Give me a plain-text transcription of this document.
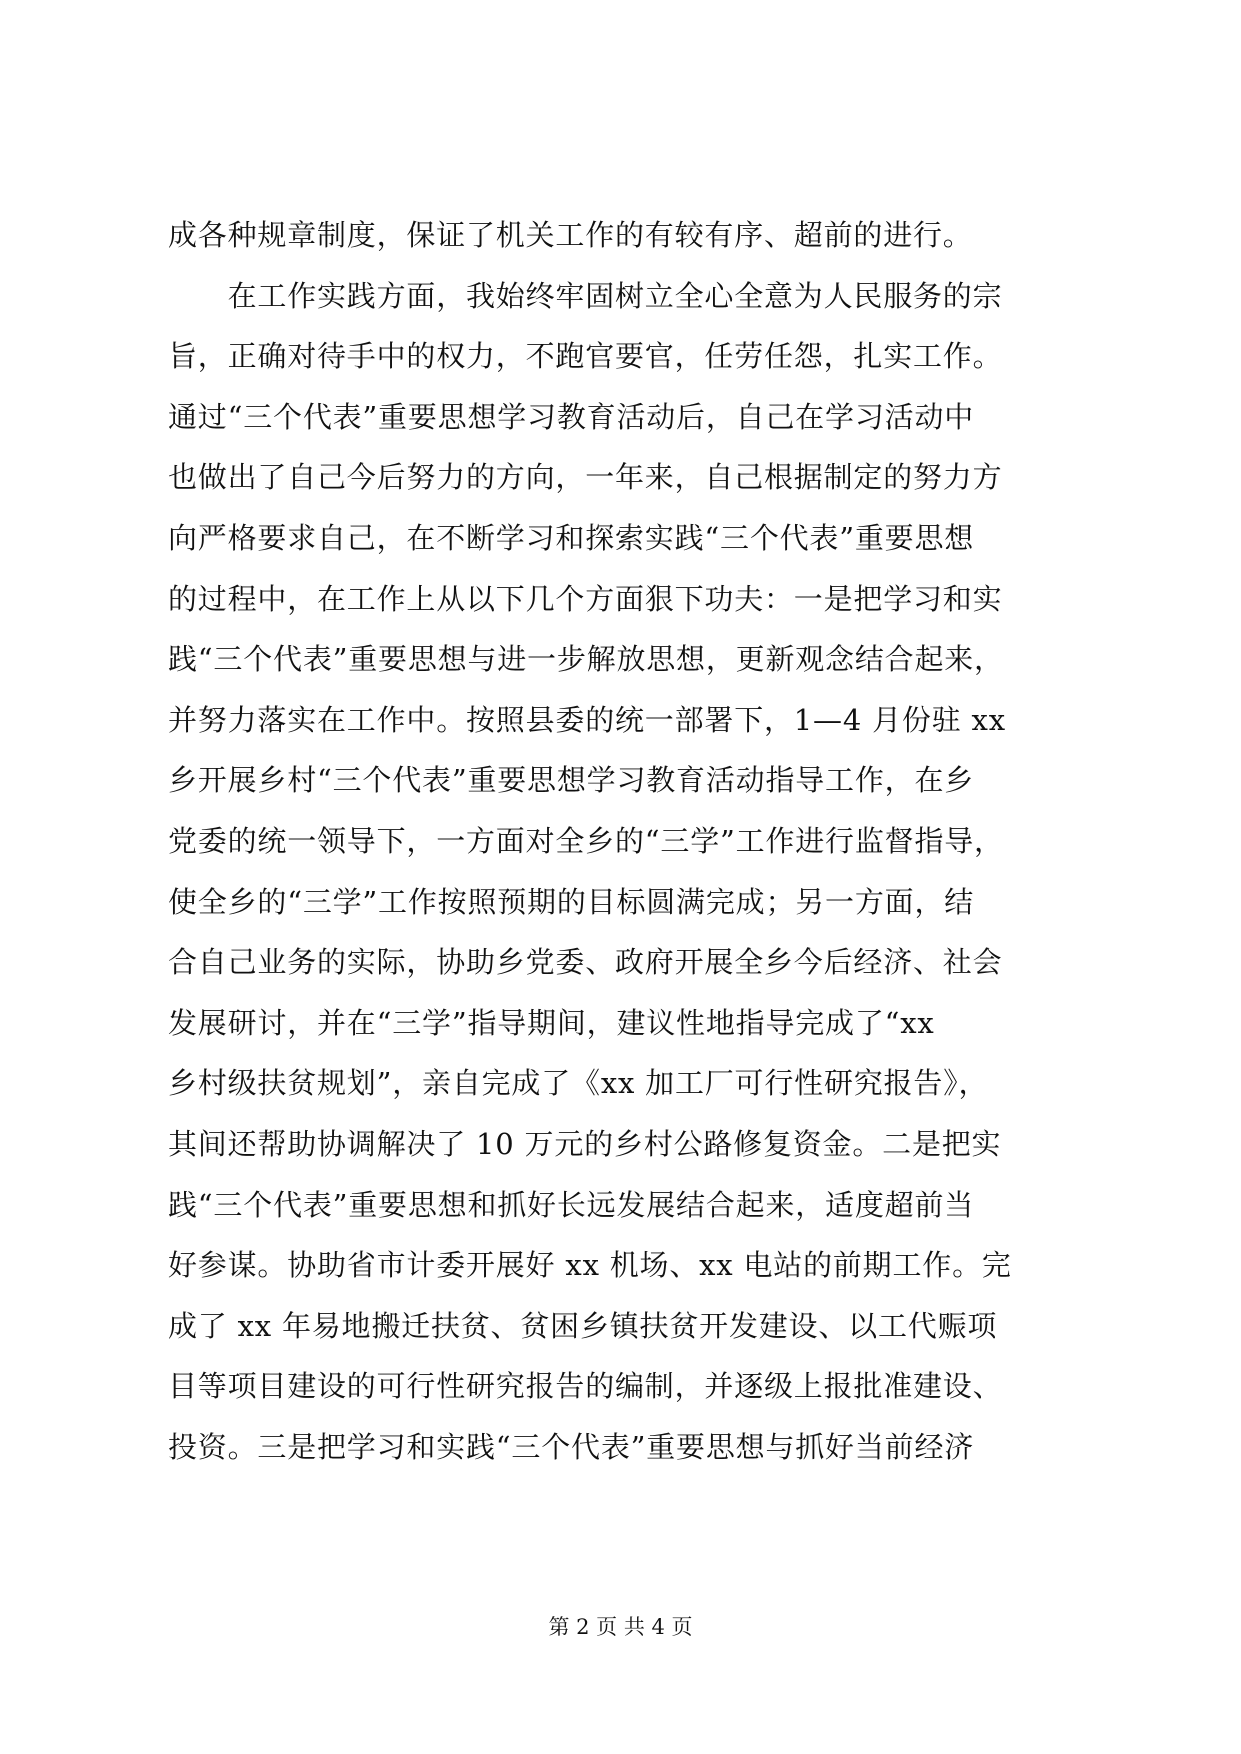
成各种规章制度，保证了机关工作的有较有序、超前的进行。
　　在工作实践方面，我始终牢固树立全心全意为人民服务的宗
旨，正确对待手中的权力，不跑官要官，任劳任怨，扎实工作。
通过“三个代表”重要思想学习教育活动后，自己在学习活动中
也做出了自己今后努力的方向，一年来，自己根据制定的努力方
向严格要求自己，在不断学习和探索实践“三个代表”重要思想
的过程中，在工作上从以下几个方面狠下功夫：一是把学习和实
践“三个代表”重要思想与进一步解放思想，更新观念结合起来，
并努力落实在工作中。按照县委的统一部署下，1—4 月份驻 xx
乡开展乡村“三个代表”重要思想学习教育活动指导工作，在乡
党委的统一领导下，一方面对全乡的“三学”工作进行监督指导，
使全乡的“三学”工作按照预期的目标圆满完成；另一方面，结
合自己业务的实际，协助乡党委、政府开展全乡今后经济、社会
发展研讨，并在“三学”指导期间，建议性地指导完成了“xx
乡村级扶贫规划”，亲自完成了《xx 加工厂可行性研究报告》，
其间还帮助协调解决了 10 万元的乡村公路修复资金。二是把实
践“三个代表”重要思想和抓好长远发展结合起来，适度超前当
好参谋。协助省市计委开展好 xx 机场、xx 电站的前期工作。完
成了 xx 年易地搬迁扶贫、贫困乡镇扶贫开发建设、以工代赈项
目等项目建设的可行性研究报告的编制，并逐级上报批准建设、
投资。三是把学习和实践“三个代表”重要思想与抓好当前经济
第 2 页 共 4 页
